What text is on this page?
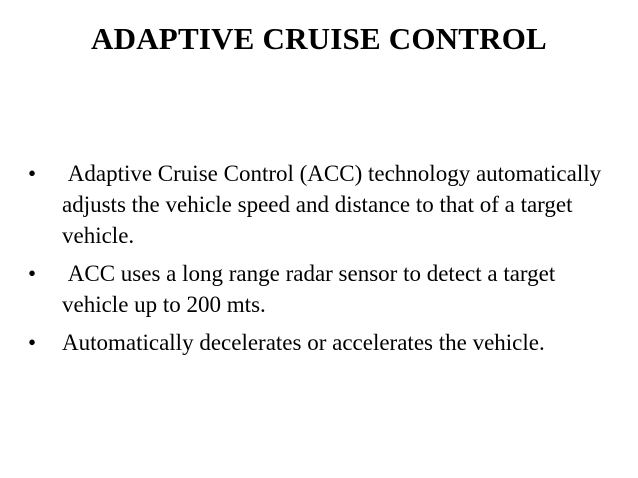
ADAPTIVE CRUISE CONTROL
•	Adaptive Cruise Control (ACC) technology automatically adjusts the vehicle speed and distance to that of a target vehicle.
•	ACC uses a long range radar sensor to detect a target vehicle up to 200 mts.
•	Automatically decelerates or accelerates the vehicle.
